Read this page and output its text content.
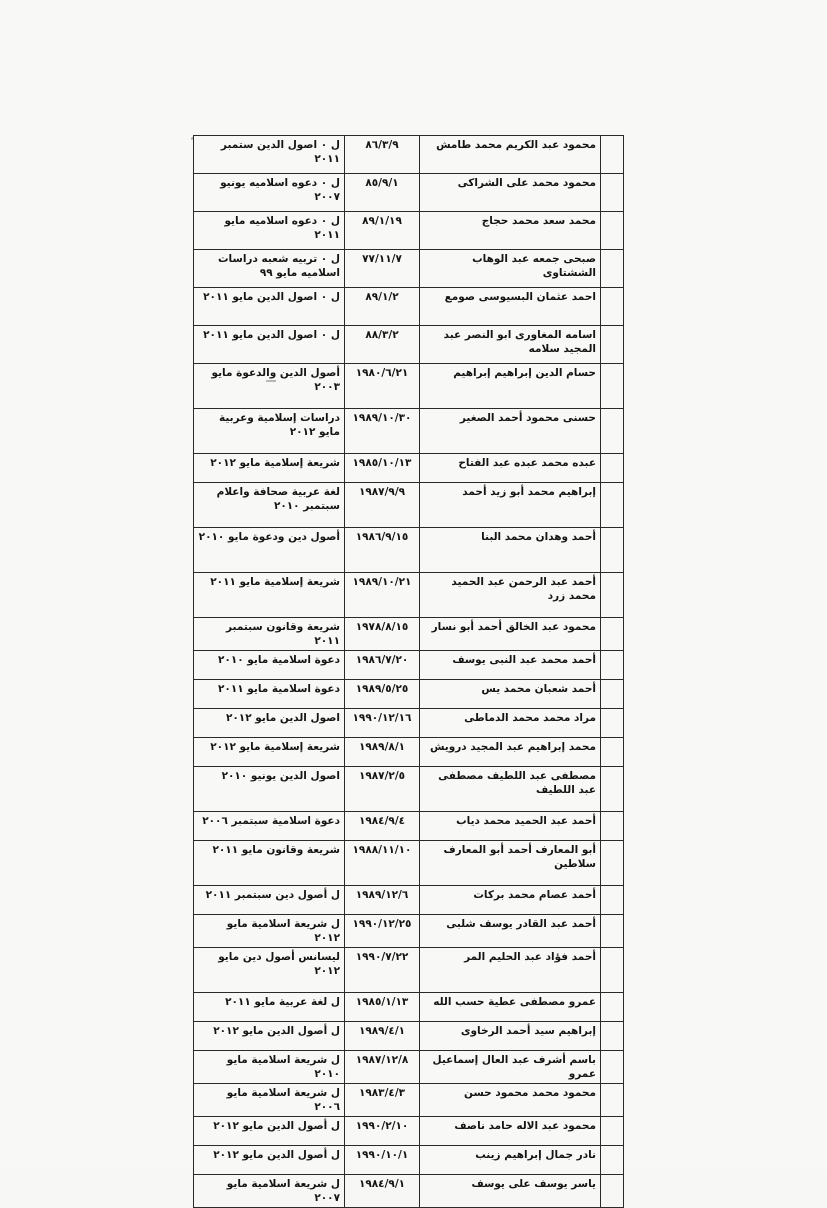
	محمود عبد الكريم محمد طامش	٨٦/٣/٩	ل ٠ اصول الدين ستمبر ٢٠١١
	محمود محمد على الشراكى	٨٥/٩/١	ل ٠ دعوه اسلاميه يونيو ٢٠٠٧
	محمد سعد محمد حجاج	٨٩/١/١٩	ل ٠ دعوه اسلاميه مايو ٢٠١١
	صبحى جمعه عبد الوهاب الششتاوى	٧٧/١١/٧	ل ٠ تربيه شعبه دراسات اسلاميه مايو ٩٩
	احمد عثمان البسيوسى صومع	٨٩/١/٢	ل ٠ اصول الدين مايو ٢٠١١
	اسامه المغاورى ابو النصر عبد المجيد سلامه	٨٨/٣/٢	ل ٠ اصول الدين مايو ٢٠١١
	حسام الدين إبراهيم إبراهيم	١٩٨٠/٦/٢١	أصول الدين والدعوة مايو ٢٠٠٣
	حسنى محمود أحمد الصغير	١٩٨٩/١٠/٣٠	دراسات إسلامية وعربية مايو ٢٠١٢
	عبده محمد عبده عبد الفتاح	١٩٨٥/١٠/١٣	شريعة إسلامية مايو ٢٠١٢
	إبراهيم محمد أبو زيد أحمد	١٩٨٧/٩/٩	لغة عربية صحافة واعلام سبتمبر ٢٠١٠
	أحمد وهدان محمد البنا	١٩٨٦/٩/١٥	أصول دين ودعوة مايو ٢٠١٠
	أحمد عبد الرحمن عبد الحميد محمد زرد	١٩٨٩/١٠/٢١	شريعة إسلامية مايو ٢٠١١
	محمود عبد الخالق أحمد أبو نسار	١٩٧٨/٨/١٥	شريعة وقانون سبتمبر ٢٠١١
	أحمد محمد عبد النبى يوسف	١٩٨٦/٧/٢٠	دعوة اسلامية مايو ٢٠١٠
	أحمد شعبان محمد يس	١٩٨٩/٥/٢٥	دعوة اسلامية مايو ٢٠١١
	مراد محمد محمد الدماطى	١٩٩٠/١٢/١٦	اصول الدين مايو ٢٠١٢
	محمد إبراهيم عبد المجيد درويش	١٩٨٩/٨/١	شريعة إسلامية مايو ٢٠١٢
	مصطفى عبد اللطيف مصطفى عبد اللطيف	١٩٨٧/٢/٥	اصول الدين يونيو ٢٠١٠
	أحمد عبد الحميد محمد دياب	١٩٨٤/٩/٤	دعوة اسلامية سبتمبر ٢٠٠٦
	أبو المعارف أحمد أبو المعارف سلاطين	١٩٨٨/١١/١٠	شريعة وقانون مايو ٢٠١١
	أحمد عصام محمد بركات	١٩٨٩/١٢/٦	ل أصول دين سبتمبر ٢٠١١
	أحمد عبد القادر يوسف شلبى	١٩٩٠/١٢/٢٥	ل شريعة اسلامية مايو ٢٠١٢
	أحمد فؤاد عبد الحليم المر	١٩٩٠/٧/٢٢	ليسانس أصول دين مايو ٢٠١٢
	عمرو مصطفى عطية حسب الله	١٩٨٥/١/١٣	ل لغة عربية مايو ٢٠١١
	إبراهيم سيد أحمد الرخاوى	١٩٨٩/٤/١	ل أصول الدين مايو ٢٠١٢
	باسم أشرف عبد العال إسماعيل عمرو	١٩٨٧/١٢/٨	ل شريعة اسلامية مايو ٢٠١٠
	محمود محمد محمود حسن	١٩٨٣/٤/٣	ل شريعة اسلامية مايو ٢٠٠٦
	محمود عبد الاله حامد ناصف	١٩٩٠/٢/١٠	ل أصول الدين مايو ٢٠١٢
	نادر جمال إبراهيم زينب	١٩٩٠/١٠/١	ل أصول الدين مايو ٢٠١٢
	ياسر يوسف على يوسف	١٩٨٤/٩/١	ل شريعة اسلامية مايو ٢٠٠٧
